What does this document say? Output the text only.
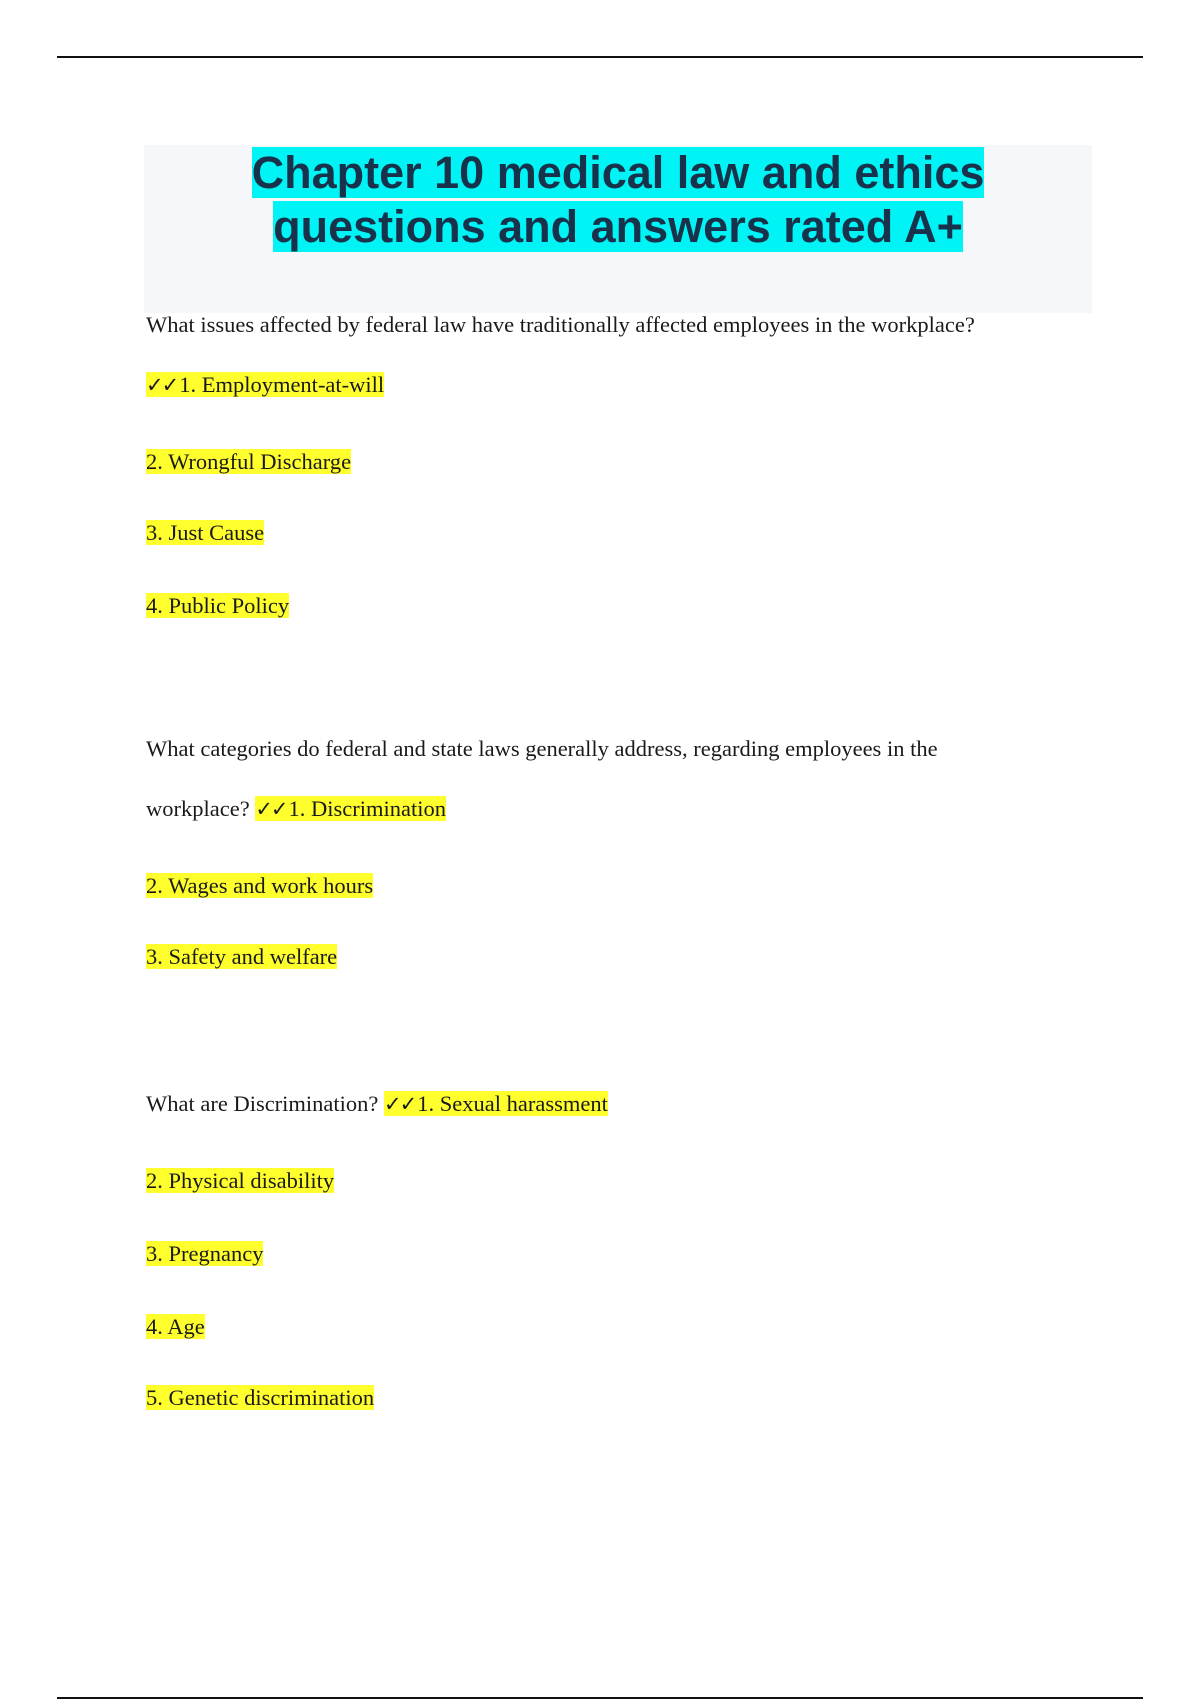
Chapter 10 medical law and ethics
questions and answers rated A+
What issues affected by federal law have traditionally affected employees in the workplace?
✓✓1. Employment-at-will
2. Wrongful Discharge
3. Just Cause
4. Public Policy
What categories do federal and state laws generally address, regarding employees in the
workplace? ✓✓1. Discrimination
2. Wages and work hours
3. Safety and welfare
What are Discrimination? ✓✓1. Sexual harassment
2. Physical disability
3. Pregnancy
4. Age
5. Genetic discrimination
